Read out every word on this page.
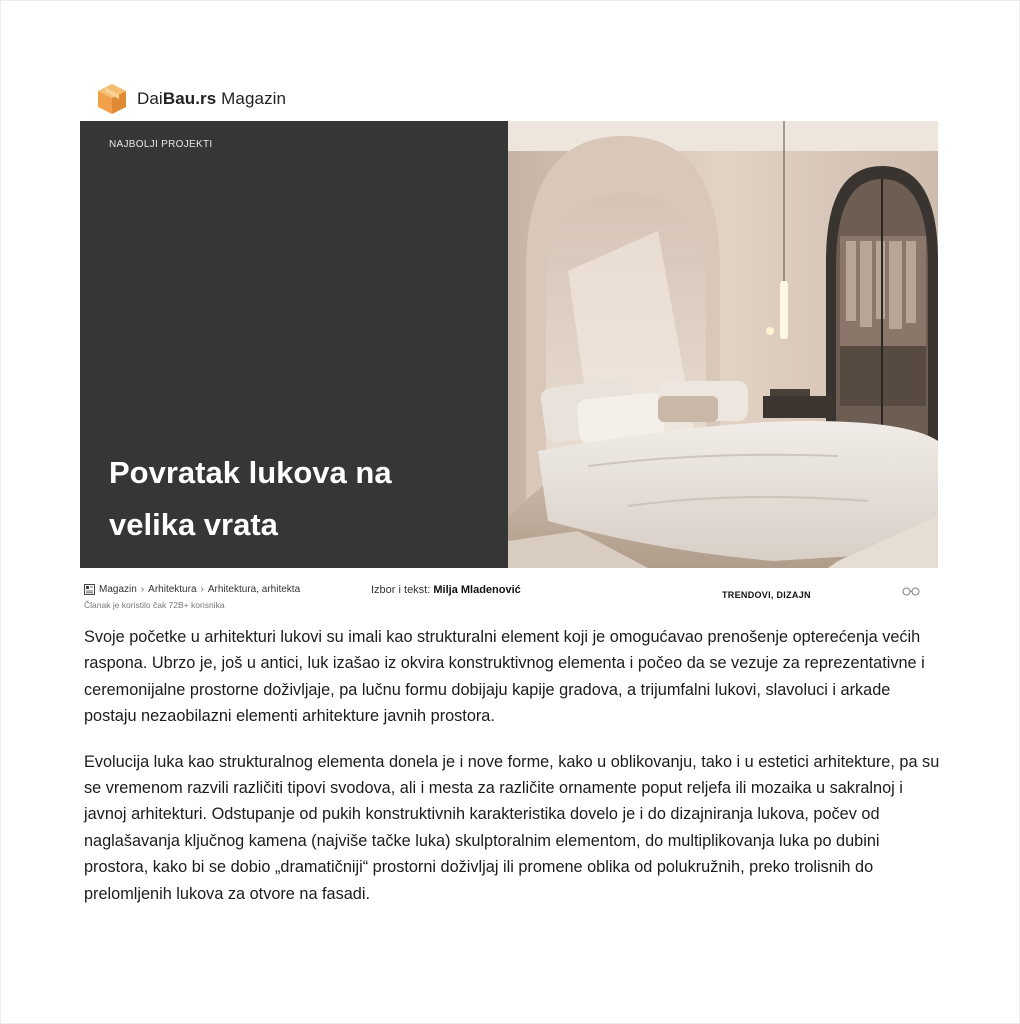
DaiBau.rs Magazin
NAJBOLJI PROJEKTI
Povratak lukova na
velika vrata
Magazin › Arhitektura › Arhitektura, arhitekta
Članak je koristilo čak 72B+ korisnika
Izbor i tekst: Milja Mladenović	TRENDOVI, DIZAJN

Svoje početke u arhitekturi lukovi su imali kao strukturalni element koji je omogućavao prenošenje opterećenja većih raspona. Ubrzo je, još u antici, luk izašao iz okvira konstruktivnog elementa i počeo da se vezuje za reprezentativne i ceremonijalne prostorne doživljaje, pa lučnu formu dobijaju kapije gradova, a trijumfalni lukovi, slavoluci i arkade postaju nezaobilazni elementi arhitekture javnih prostora.

Evolucija luka kao strukturalnog elementa donela je i nove forme, kako u oblikovanju, tako i u estetici arhitekture, pa su se vremenom razvili različiti tipovi svodova, ali i mesta za različite ornamente poput reljefa ili mozaika u sakralnoj i javnoj arhitekturi. Odstupanje od pukih konstruktivnih karakteristika dovelo je i do dizajniranja lukova, počev od naglašavanja ključnog kamena (najviše tačke luka) skulptoralnim elementom, do multiplikovanja luka po dubini prostora, kako bi se dobio „dramatičniji“ prostorni doživljaj ili promene oblika od polukružnih, preko trolisnih do prelomljenih lukova za otvore na fasadi.
